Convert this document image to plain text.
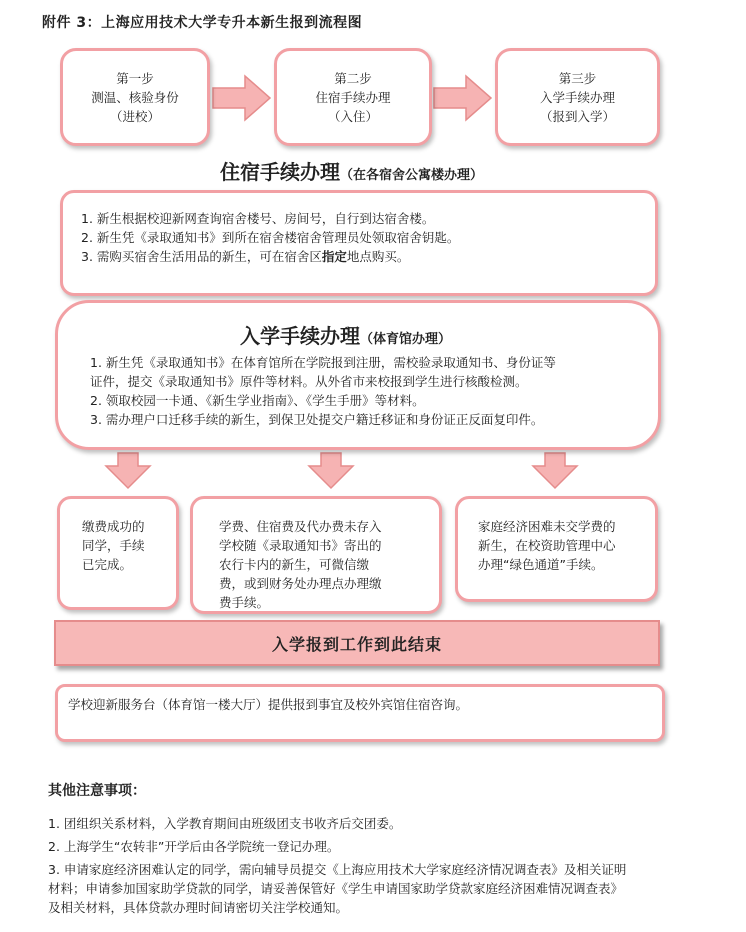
附件 3：上海应用技术大学专升本新生报到流程图
第一步
测温、核验身份
（进校）
第二步
住宿手续办理
（入住）
第三步
入学手续办理
（报到入学）
住宿手续办理（在各宿舍公寓楼办理）
1. 新生根据校迎新网查询宿舍楼号、房间号，自行到达宿舍楼。
2. 新生凭《录取通知书》到所在宿舍楼宿舍管理员处领取宿舍钥匙。
3. 需购买宿舍生活用品的新生，可在宿舍区指定地点购买。
入学手续办理（体育馆办理）
1. 新生凭《录取通知书》在体育馆所在学院报到注册，需校验录取通知书、身份证等
证件，提交《录取通知书》原件等材料。从外省市来校报到学生进行核酸检测。
2. 领取校园一卡通、《新生学业指南》、《学生手册》等材料。
3. 需办理户口迁移手续的新生，到保卫处提交户籍迁移证和身份证正反面复印件。
缴费成功的
同学，手续
已完成。
学费、住宿费及代办费未存入
学校随《录取通知书》寄出的
农行卡内的新生，可微信缴
费，或到财务处办理点办理缴
费手续。
家庭经济困难未交学费的
新生，在校资助管理中心
办理“绿色通道”手续。
入学报到工作到此结束
学校迎新服务台（体育馆一楼大厅）提供报到事宜及校外宾馆住宿咨询。
其他注意事项：
1. 团组织关系材料，入学教育期间由班级团支书收齐后交团委。
2. 上海学生“农转非”开学后由各学院统一登记办理。
3. 申请家庭经济困难认定的同学，需向辅导员提交《上海应用技术大学家庭经济情况调查表》及相关证明
材料；申请参加国家助学贷款的同学，请妥善保管好《学生申请国家助学贷款家庭经济困难情况调查表》
及相关材料，具体贷款办理时间请密切关注学校通知。
